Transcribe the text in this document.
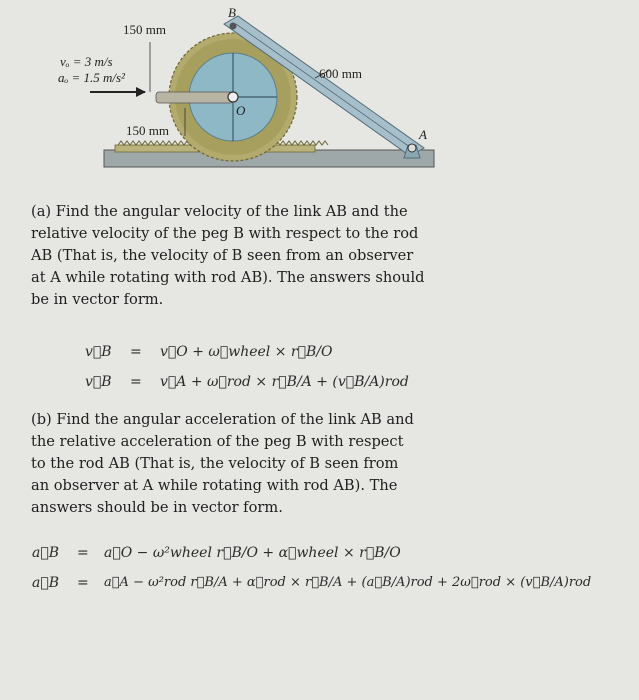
150 mm
B
vₒ = 3 m/s
aₒ = 1.5 m/s²	600 mm
O
150 mm	A
(a) Find the angular velocity of the link AB and the
relative velocity of the peg B with respect to the rod
AB (That is, the velocity of B seen from an observer
at A while rotating with rod AB). The answers should
be in vector form.
v⃗B = v⃗O + ω⃗wheel × r⃗B/O
v⃗B = v⃗A + ω⃗rod × r⃗B/A + (v⃗B/A)rod
(b) Find the angular acceleration of the link AB and
the relative acceleration of the peg B with respect
to the rod AB (That is, the velocity of B seen from
an observer at A while rotating with rod AB). The
answers should be in vector form.
a⃗B = a⃗O − ω²wheel r⃗B/O + α⃗wheel × r⃗B/O
a⃗B = a⃗A − ω²rod r⃗B/A + α⃗rod × r⃗B/A + (a⃗B/A)rod + 2ω⃗rod × (v⃗B/A)rod
